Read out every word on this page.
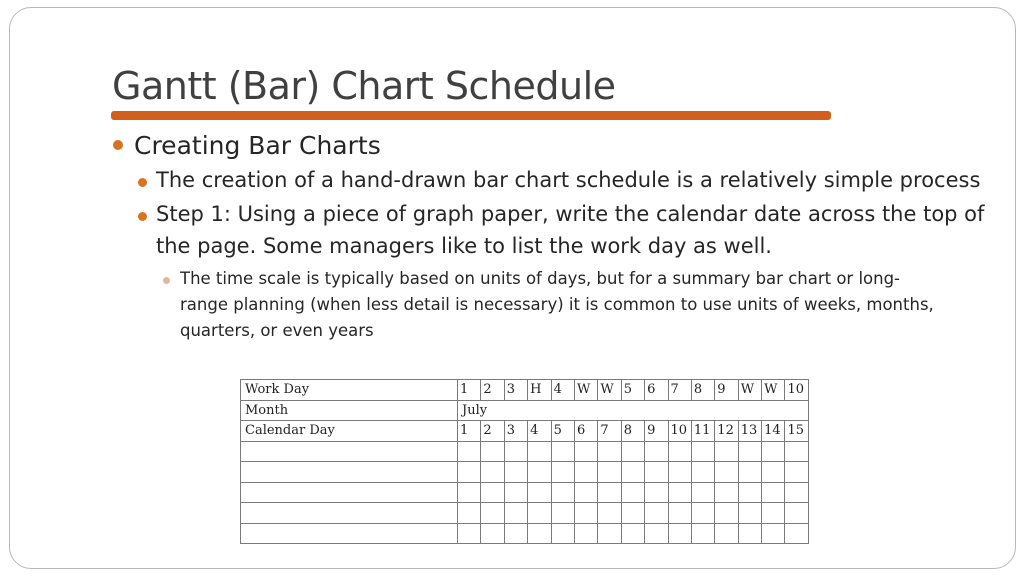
Gantt (Bar) Chart Schedule
Creating Bar Charts
The creation of a hand-drawn bar chart schedule is a relatively simple process
Step 1: Using a piece of graph paper, write the calendar date across the top of
the page. Some managers like to list the work day as well.
The time scale is typically based on units of days, but for a summary bar chart or long-
range planning (when less detail is necessary) it is common to use units of weeks, months,
quarters, or even years
Work Day	1	2	3	H	4	W	W	5	6	7	8	9	W	W	10
Month	July														
Calendar Day	1	2	3	4	5	6	7	8	9	10	11	12	13	14	15
